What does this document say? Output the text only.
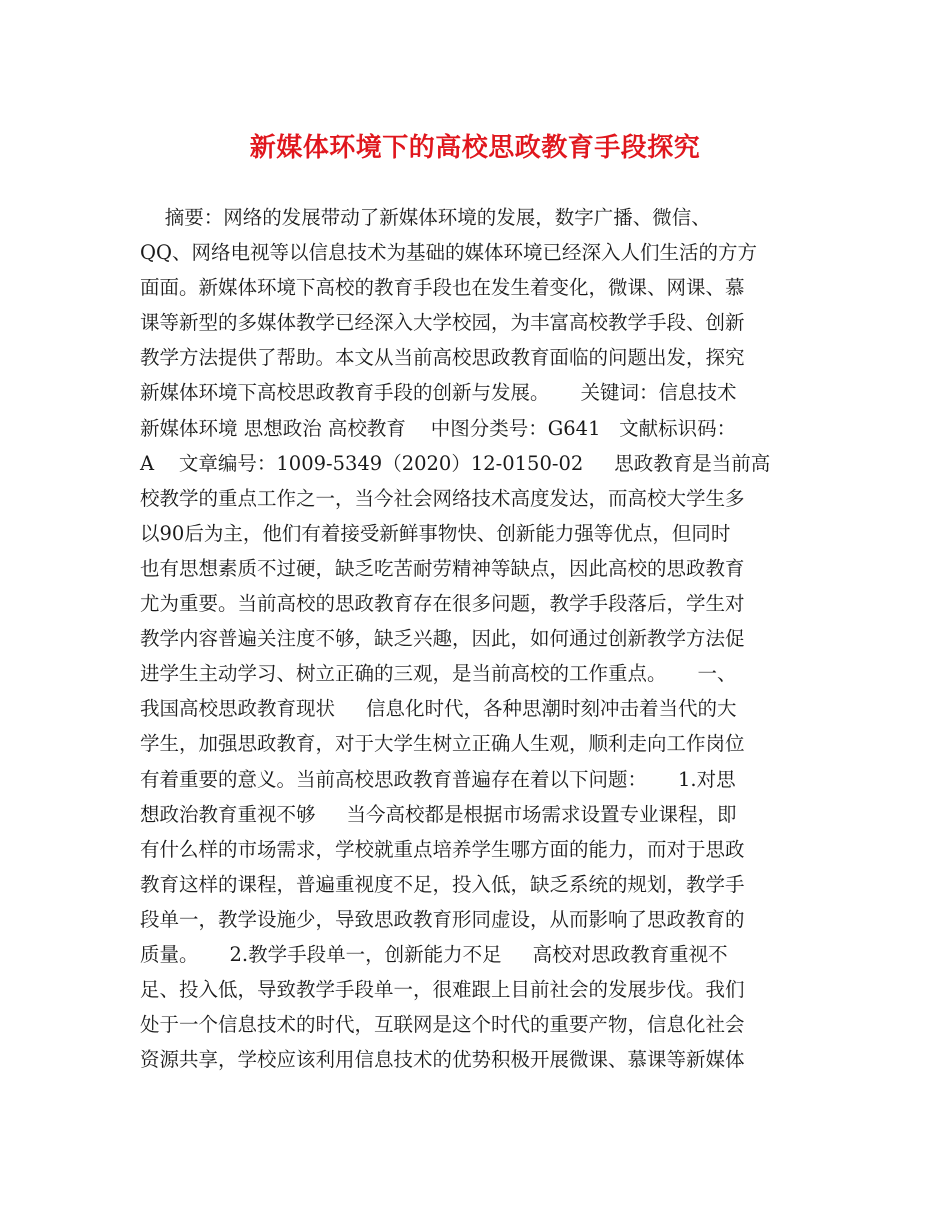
新媒体环境下的高校思政教育手段探究
摘要：网络的发展带动了新媒体环境的发展，数字广播、微信、
QQ、网络电视等以信息技术为基础的媒体环境已经深入人们生活的方方
面面。新媒体环境下高校的教育手段也在发生着变化，微课、网课、慕
课等新型的多媒体教学已经深入大学校园，为丰富高校教学手段、创新
教学方法提供了帮助。本文从当前高校思政教育面临的问题出发，探究
新媒体环境下高校思政教育手段的创新与发展。     关键词：信息技术
新媒体环境 思想政治 高校教育    中图分类号：G641   文献标识码：
A    文章编号：1009-5349（2020）12-0150-02     思政教育是当前高
校教学的重点工作之一，当今社会网络技术高度发达，而高校大学生多
以90后为主，他们有着接受新鲜事物快、创新能力强等优点，但同时
也有思想素质不过硬，缺乏吃苦耐劳精神等缺点，因此高校的思政教育
尤为重要。当前高校的思政教育存在很多问题，教学手段落后，学生对
教学内容普遍关注度不够，缺乏兴趣，因此，如何通过创新教学方法促
进学生主动学习、树立正确的三观，是当前高校的工作重点。     一、
我国高校思政教育现状     信息化时代，各种思潮时刻冲击着当代的大
学生，加强思政教育，对于大学生树立正确人生观，顺利走向工作岗位
有着重要的意义。当前高校思政教育普遍存在着以下问题：     1.对思
想政治教育重视不够     当今高校都是根据市场需求设置专业课程，即
有什么样的市场需求，学校就重点培养学生哪方面的能力，而对于思政
教育这样的课程，普遍重视度不足，投入低，缺乏系统的规划，教学手
段单一，教学设施少，导致思政教育形同虚设，从而影响了思政教育的
质量。     2.教学手段单一，创新能力不足     高校对思政教育重视不
足、投入低，导致教学手段单一，很难跟上目前社会的发展步伐。我们
处于一个信息技术的时代，互联网是这个时代的重要产物，信息化社会
资源共享，学校应该利用信息技术的优势积极开展微课、慕课等新媒体
